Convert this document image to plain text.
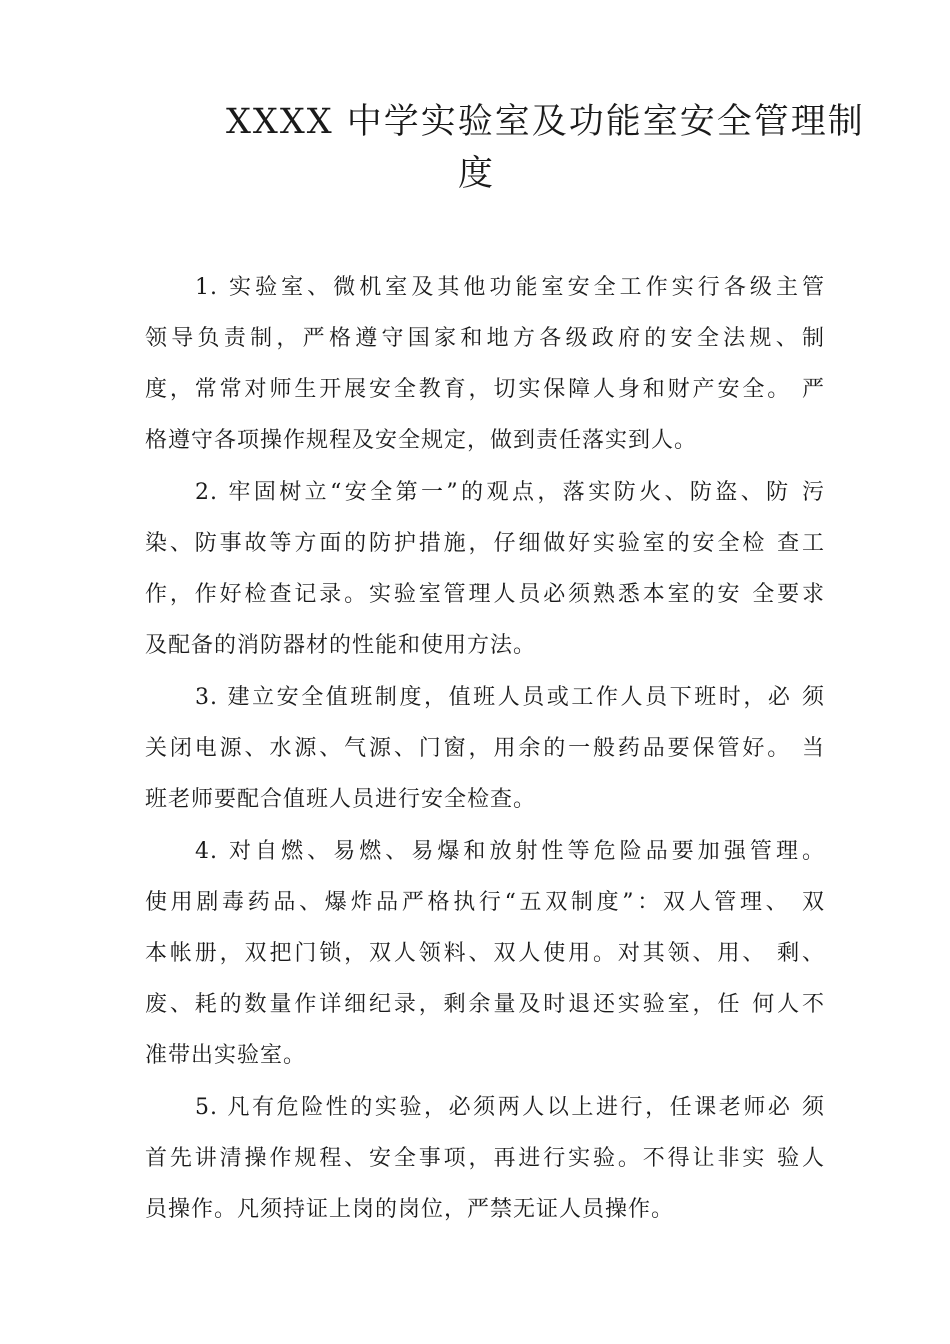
XXXX 中学实验室及功能室安全管理制
度

1. 实验室、微机室及其他功能室安全工作实行各级主管
领导负责制，严格遵守国家和地方各级政府的安全法规、制
度，常常对师生开展安全教育，切实保障人身和财产安全。 严
格遵守各项操作规程及安全规定，做到责任落实到人。

2. 牢固树立“安全第一”的观点，落实防火、防盗、防 污
染、防事故等方面的防护措施，仔细做好实验室的安全检 查工
作，作好检查记录。实验室管理人员必须熟悉本室的安 全要求
及配备的消防器材的性能和使用方法。

3. 建立安全值班制度，值班人员或工作人员下班时，必 须
关闭电源、水源、气源、门窗，用余的一般药品要保管好。 当
班老师要配合值班人员进行安全检查。

4. 对自燃、易燃、易爆和放射性等危险品要加强管理。
使用剧毒药品、爆炸品严格执行“五双制度”：双人管理、 双
本帐册，双把门锁，双人领料、双人使用。对其领、用、 剩、
废、耗的数量作详细纪录，剩余量及时退还实验室，任 何人不
准带出实验室。

5. 凡有危险性的实验，必须两人以上进行，任课老师必 须
首先讲清操作规程、安全事项，再进行实验。不得让非实 验人
员操作。凡须持证上岗的岗位，严禁无证人员操作。
